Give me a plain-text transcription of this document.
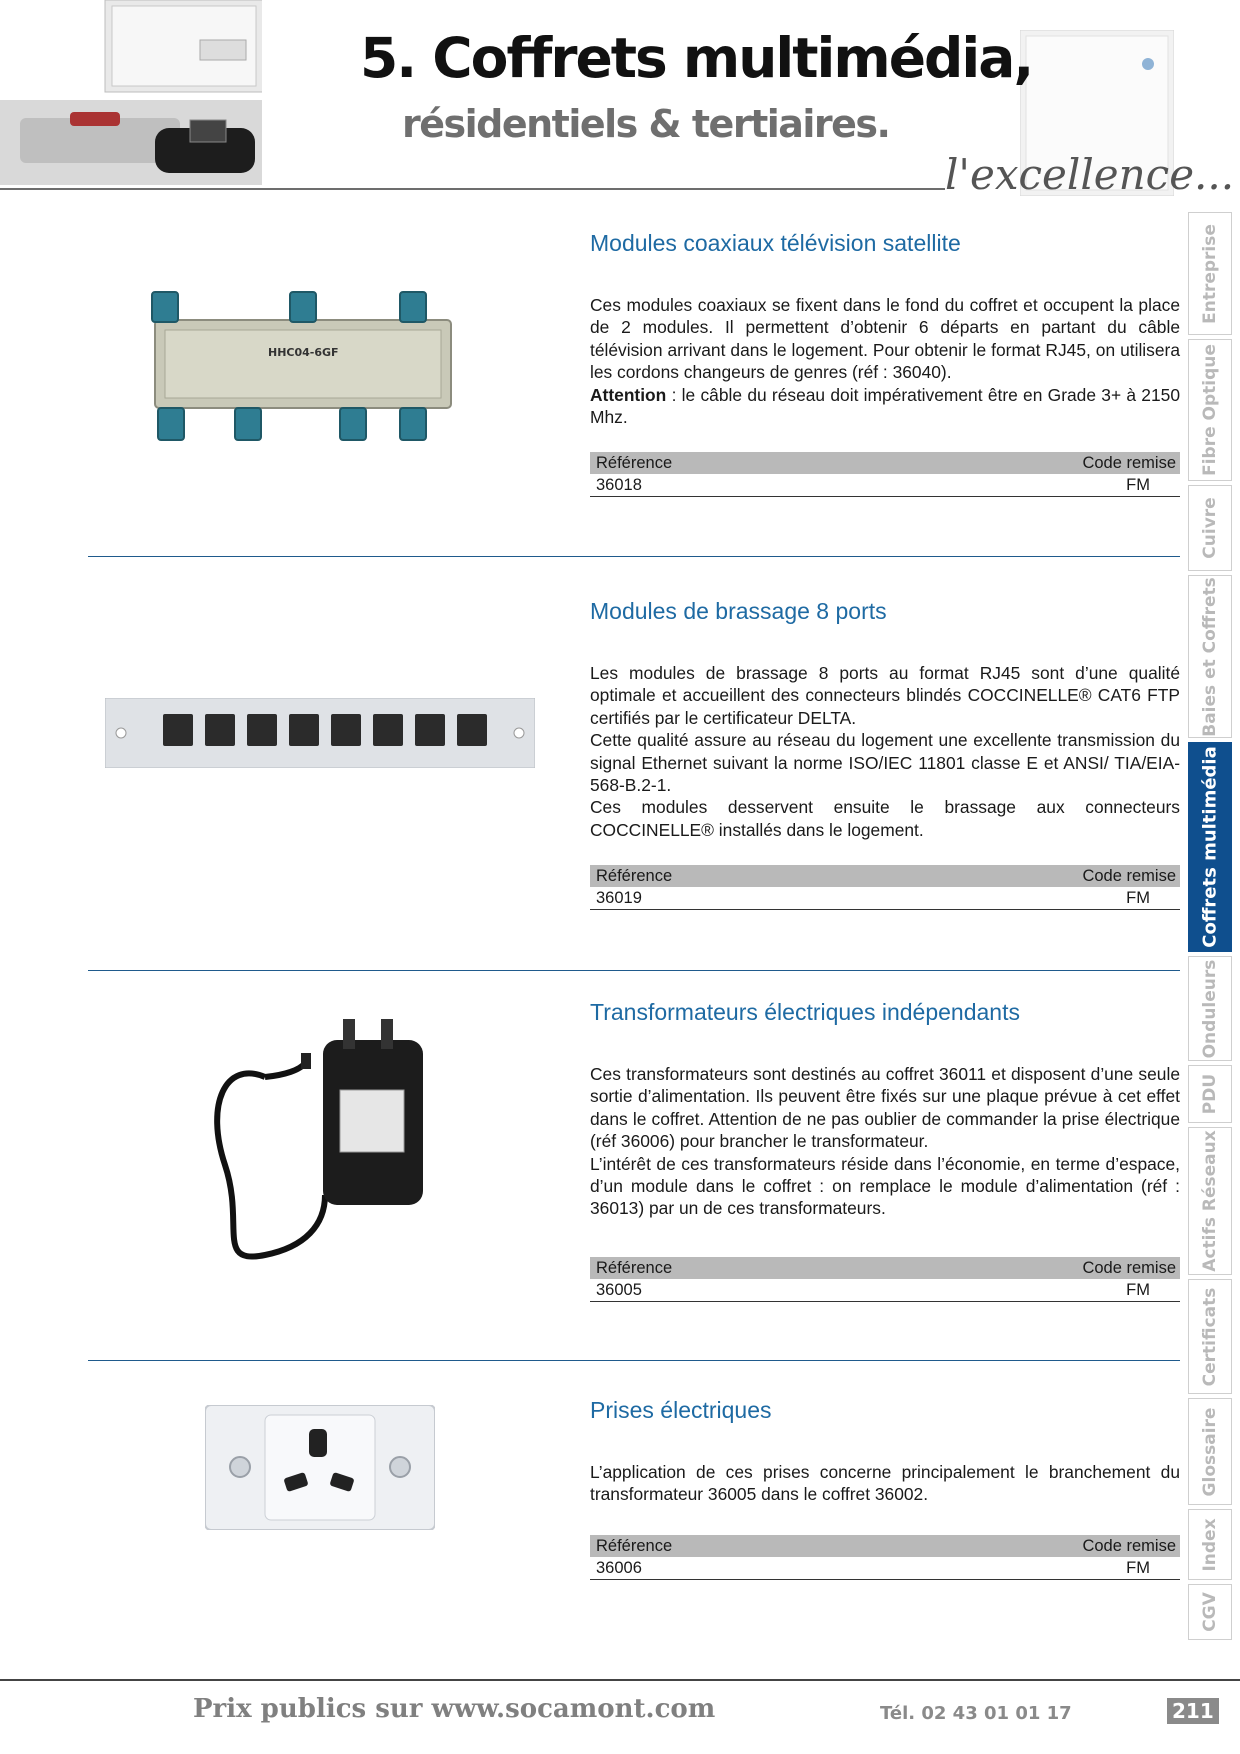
5. Coffrets multimédia,
résidentiels & tertiaires.
l'excellence...
Entreprise
Fibre Optique
Cuivre
Baies et Coffrets
Coffrets multimédia
Onduleurs
PDU
Actifs Réseaux
Certificats
Glossaire
Index
CGV
HHC04-6GF
Modules coaxiaux télévision satellite

Ces modules coaxiaux se fixent dans le fond du coffret et occupent la place de 2 modules. Il permettent d’obtenir 6 départs en partant du câble télévision arrivant dans le logement. Pour obtenir le format RJ45, on utilisera les cordons changeurs de genres (réf : 36040).

Attention : le câble du réseau doit impérativement être en Grade 3+ à 2150 Mhz.

Référence	Code remise
36018	FM
Modules de brassage 8 ports

Les modules de brassage 8 ports au format RJ45 sont d’une qualité optimale et accueillent des connecteurs blindés COCCINELLE® CAT6 FTP certifiés par le certificateur DELTA.

Cette qualité assure au réseau du logement une excellente transmission du signal Ethernet suivant la norme ISO/IEC 11801 classe E et ANSI/ TIA/EIA-568-B.2-1.

Ces modules desservent ensuite le brassage aux connecteurs COCCINELLE® installés dans le logement.

Référence	Code remise
36019	FM
Transformateurs électriques indépendants

Ces transformateurs sont destinés au coffret 36011 et disposent d’une seule sortie d’alimentation. Ils peuvent être fixés sur une plaque prévue à cet effet dans le coffret. Attention de ne pas oublier de commander la prise électrique (réf 36006) pour brancher le transformateur.

L’intérêt de ces transformateurs réside dans l’économie, en terme d’espace, d’un module dans le coffret : on remplace le module d’alimentation (réf : 36013) par un de ces transformateurs.

Référence	Code remise
36005	FM
Prises électriques

L’application de ces prises concerne principalement le branchement du transformateur 36005 dans le coffret 36002.

Référence	Code remise
36006	FM
Prix publics sur www.socamont.com	Tél. 02 43 01 01 17	211
